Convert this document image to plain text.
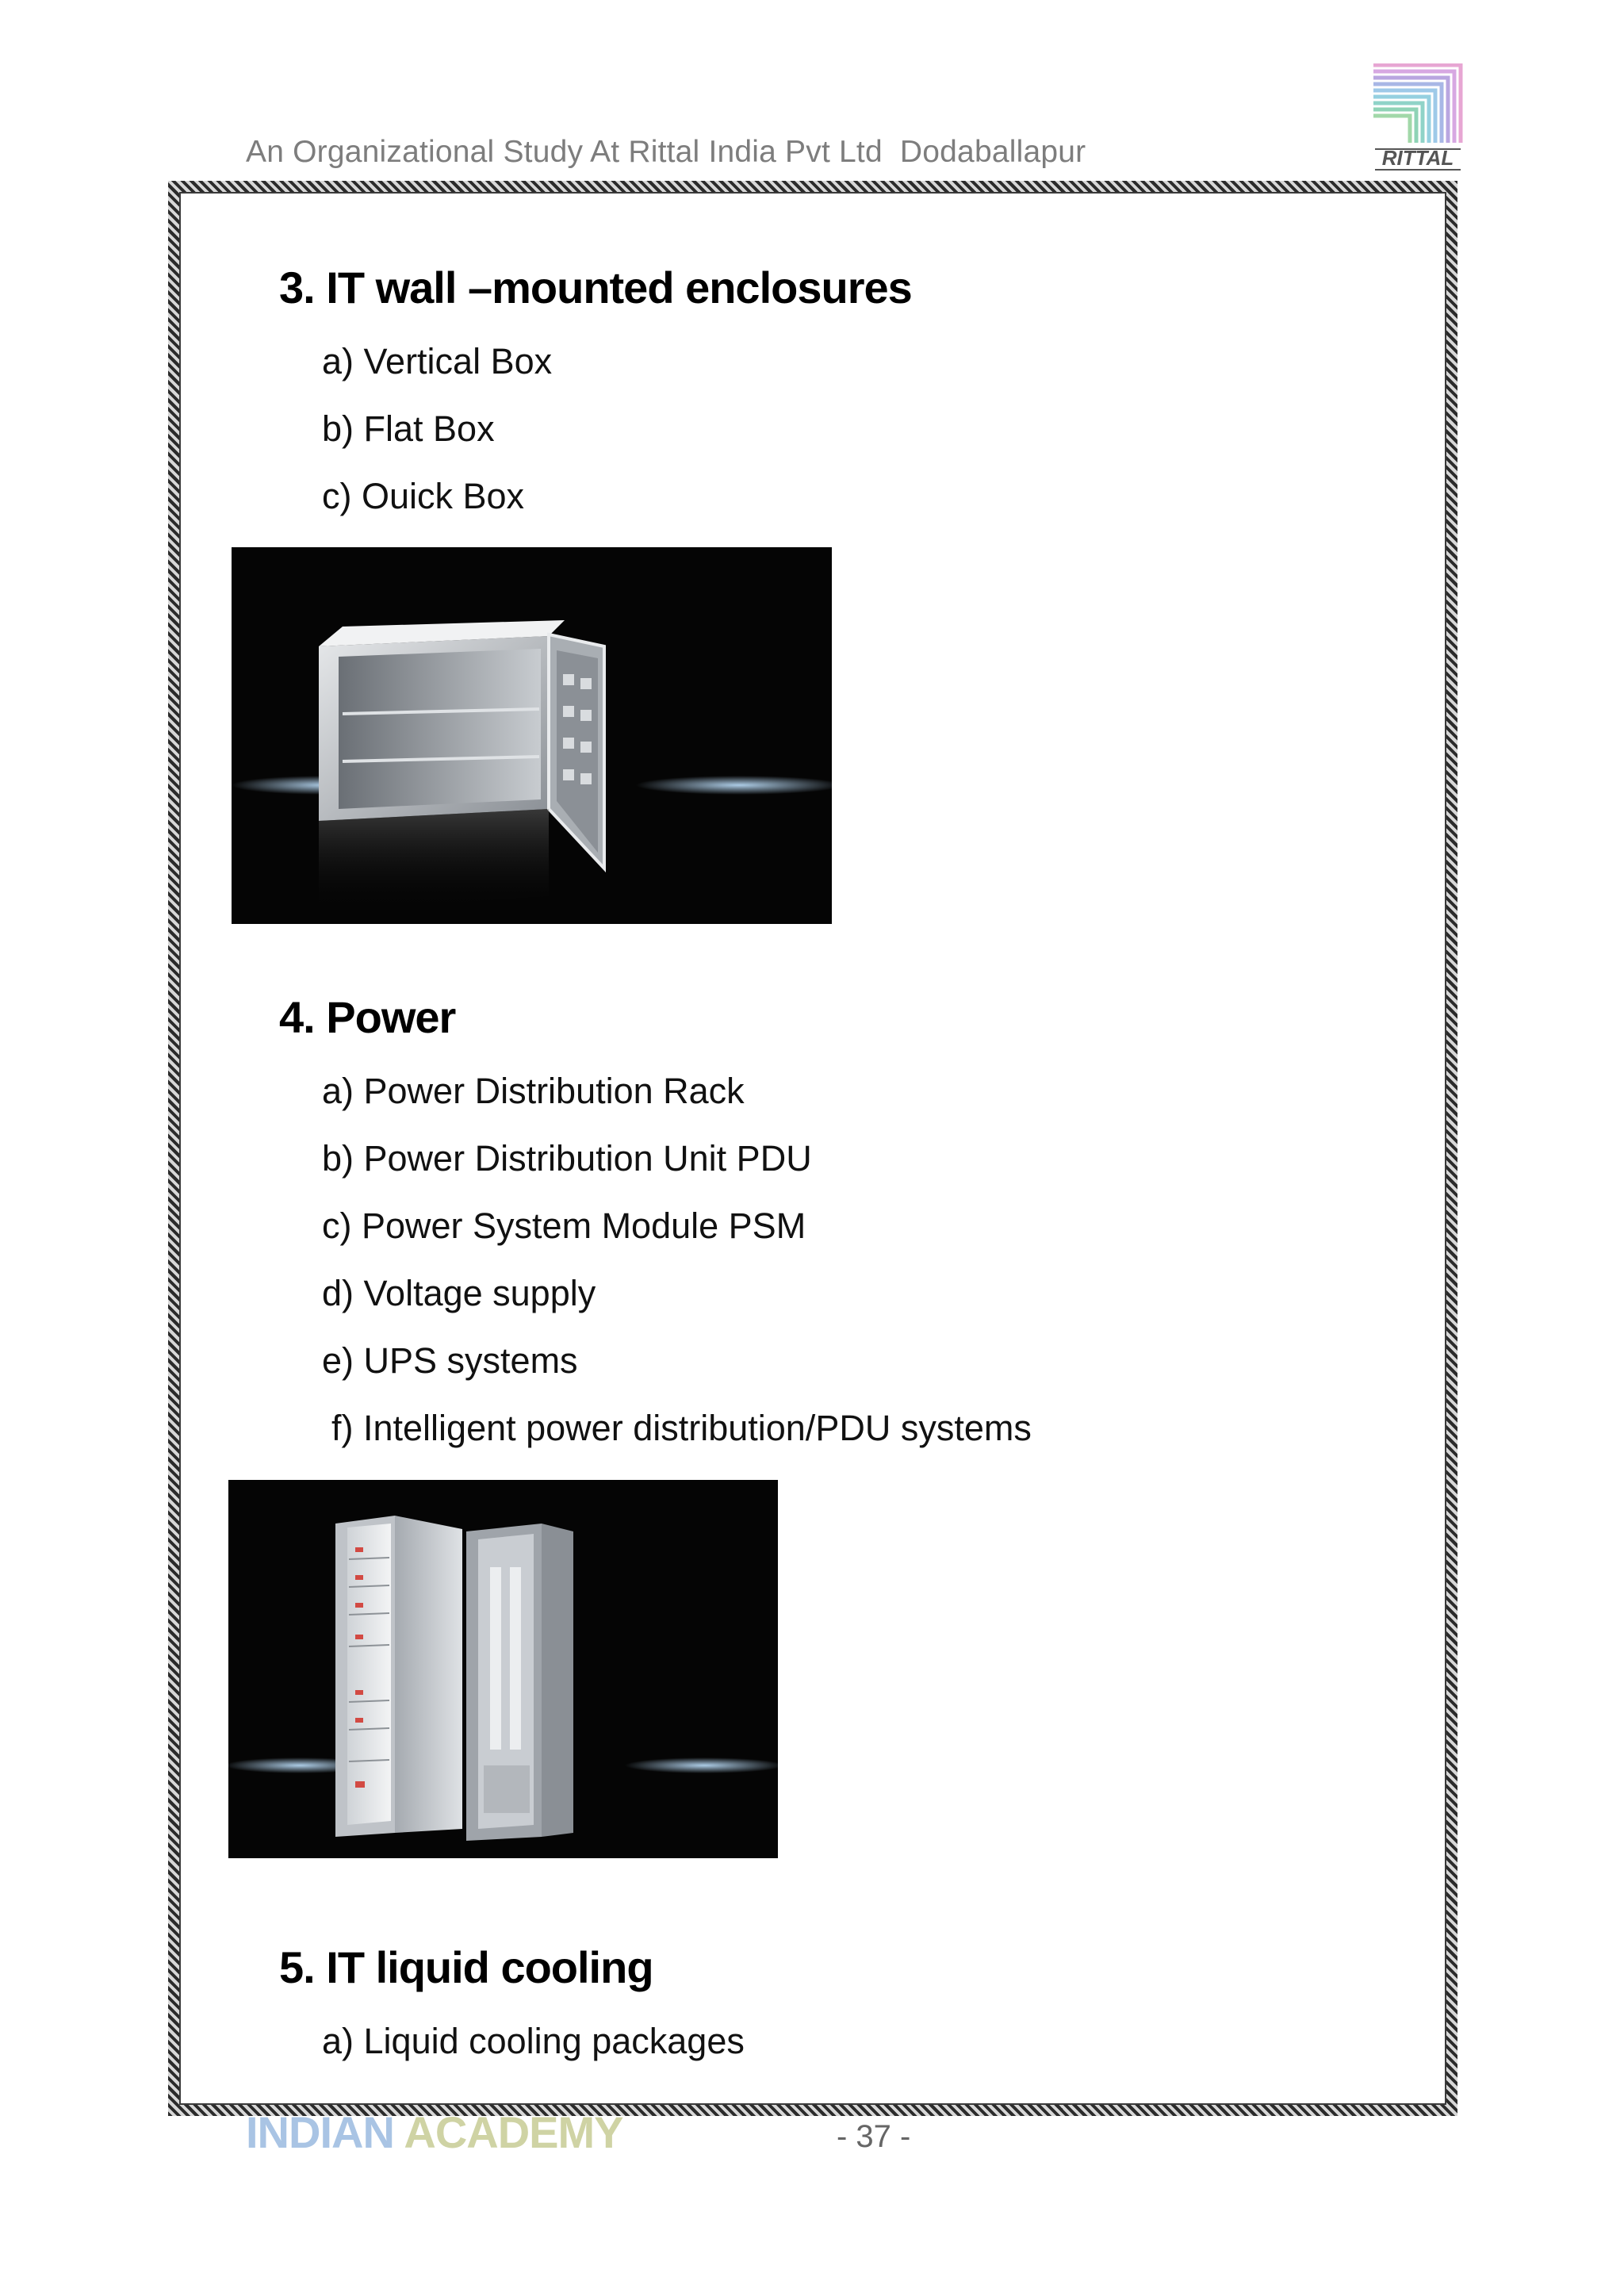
An Organizational Study At Rittal India Pvt Ltd  Dodaballapur	RITTAL
3. IT wall –mounted enclosures
a) Vertical Box
b) Flat Box
c) Ouick Box
4. Power
a) Power Distribution Rack
b) Power Distribution Unit PDU
c) Power System Module PSM
d) Voltage supply
e) UPS systems
f) Intelligent power distribution/PDU systems
5. IT liquid cooling
a) Liquid cooling packages
INDIAN ACADEMY	- 37 -
